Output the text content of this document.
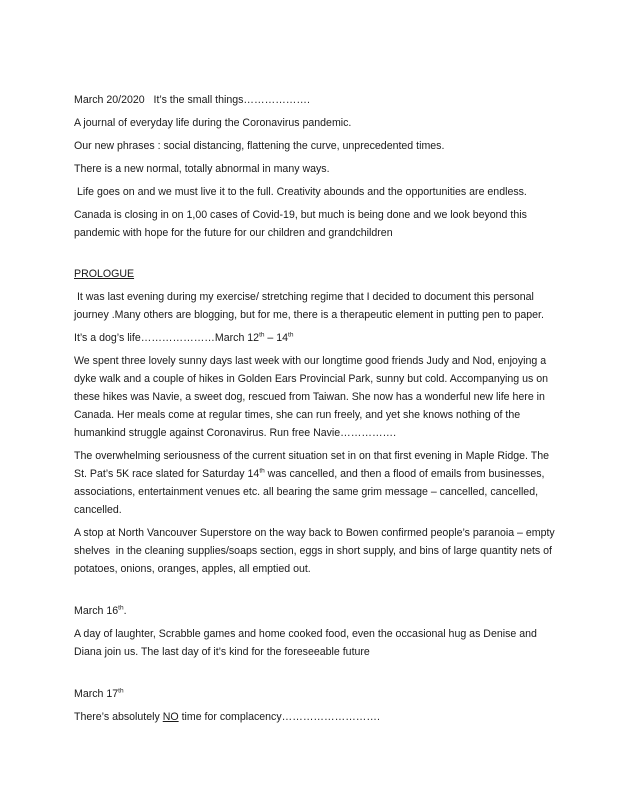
March 20/2020 It’s the small things……………….

A journal of everyday life during the Coronavirus pandemic.

Our new phrases : social distancing, flattening the curve, unprecedented times.

There is a new normal, totally abnormal in many ways.

Life goes on and we must live it to the full. Creativity abounds and the opportunities are endless.

Canada is closing in on 1,00 cases of Covid-19, but much is being done and we look beyond this pandemic with hope for the future for our children and grandchildren

PROLOGUE

It was last evening during my exercise/ stretching regime that I decided to document this personal journey .Many others are blogging, but for me, there is a therapeutic element in putting pen to paper.

It’s a dog’s life…………………March 12th – 14th

We spent three lovely sunny days last week with our longtime good friends Judy and Nod, enjoying a dyke walk and a couple of hikes in Golden Ears Provincial Park, sunny but cold. Accompanying us on these hikes was Navie, a sweet dog, rescued from Taiwan. She now has a wonderful new life here in Canada. Her meals come at regular times, she can run freely, and yet she knows nothing of the humankind struggle against Coronavirus. Run free Navie…………….

The overwhelming seriousness of the current situation set in on that first evening in Maple Ridge. The St. Pat’s 5K race slated for Saturday 14th was cancelled, and then a flood of emails from businesses, associations, entertainment venues etc. all bearing the same grim message – cancelled, cancelled, cancelled.

A stop at North Vancouver Superstore on the way back to Bowen confirmed people’s paranoia – empty shelves  in the cleaning supplies/soaps section, eggs in short supply, and bins of large quantity nets of potatoes, onions, oranges, apples, all emptied out.

March 16th.

A day of laughter, Scrabble games and home cooked food, even the occasional hug as Denise and Diana join us. The last day of it’s kind for the foreseeable future

March 17th

There’s absolutely NO time for complacency……………………….
